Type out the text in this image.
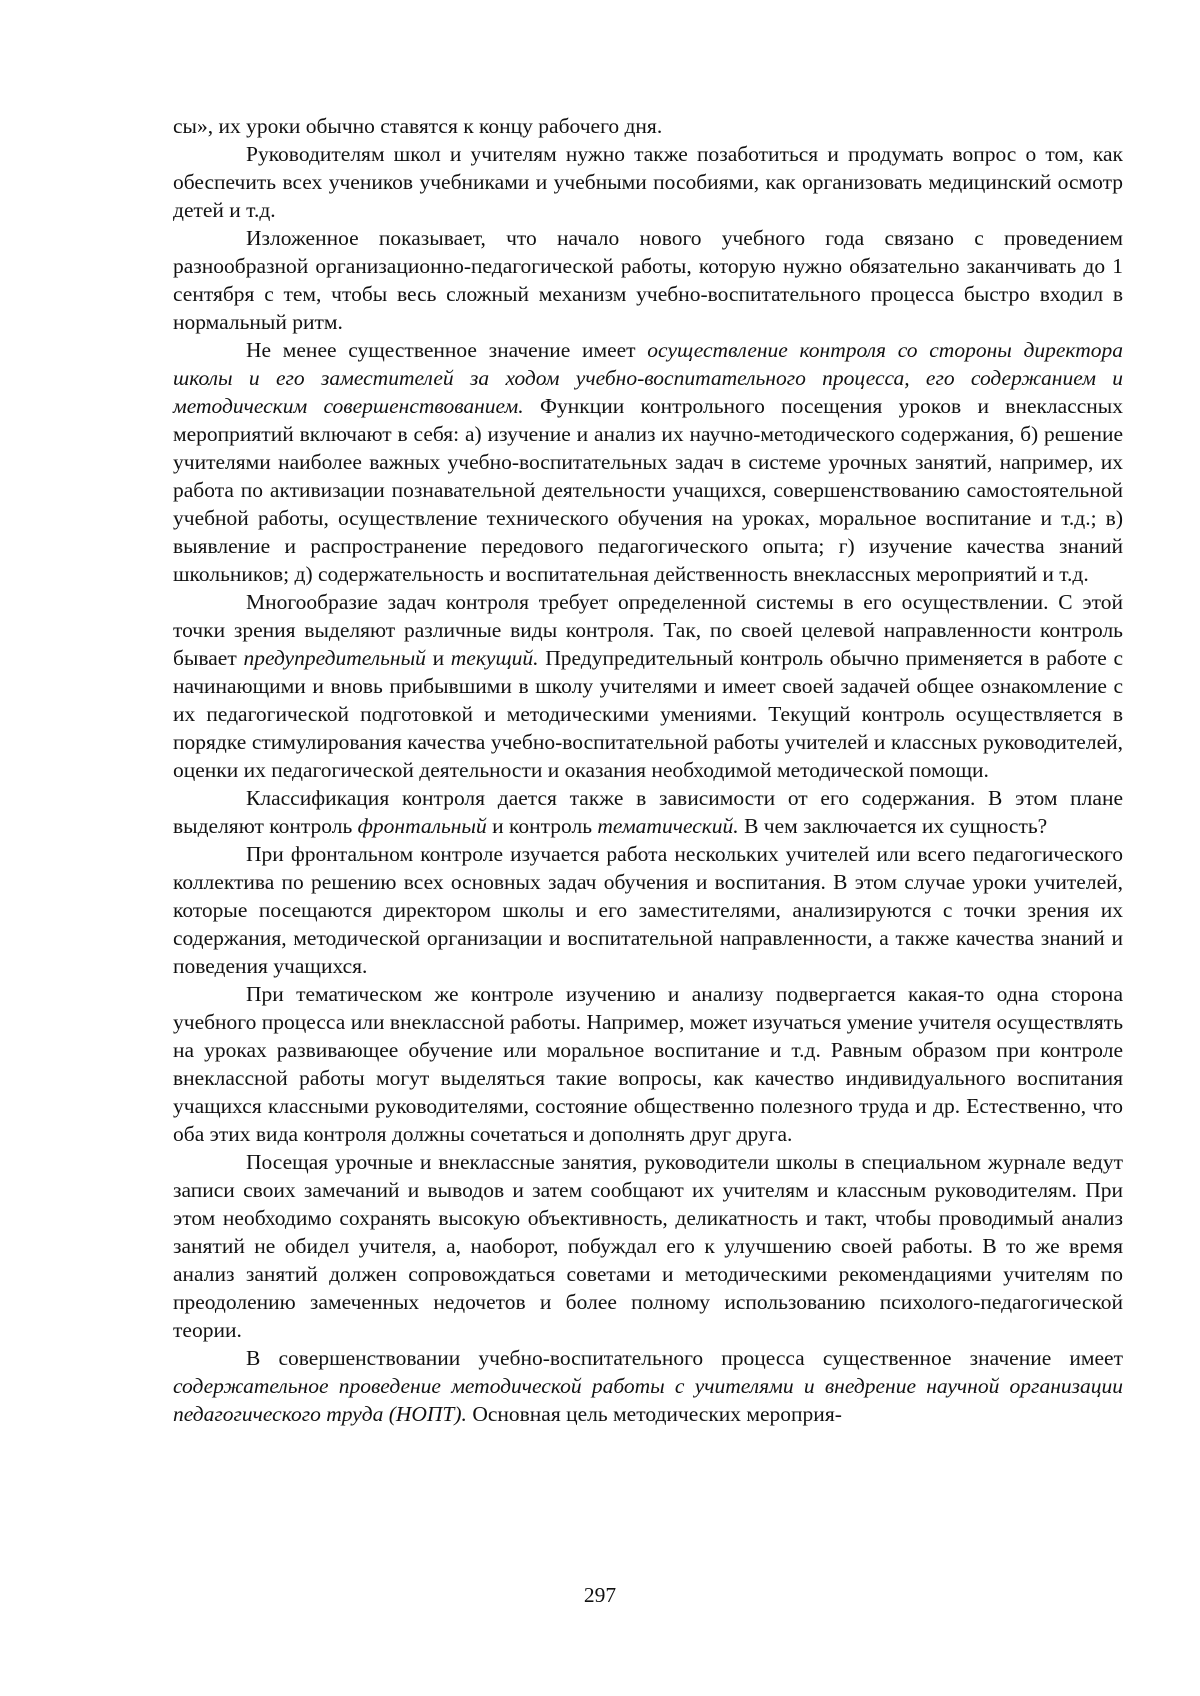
сы», их уроки обычно ставятся к концу рабочего дня.

Руководителям школ и учителям нужно также позаботиться и продумать вопрос о том, как обеспечить всех учеников учебниками и учебными пособиями, как организовать медицинский осмотр детей и т.д.

Изложенное показывает, что начало нового учебного года связано с проведением разнообразной организационно-педагогической работы, которую нужно обязательно заканчивать до 1 сентября с тем, чтобы весь сложный механизм учебно-воспитательного процесса быстро входил в нормальный ритм.

Не менее существенное значение имеет осуществление контроля со стороны директора школы и его заместителей за ходом учебно-воспитательного процесса, его содержанием и методическим совершенствованием. Функции контрольного посещения уроков и внеклассных мероприятий включают в себя: а) изучение и анализ их научно-методического содержания, б) решение учителями наиболее важных учебно-воспитательных задач в системе урочных занятий, например, их работа по активизации познавательной деятельности учащихся, совершенствованию самостоятельной учебной работы, осуществление технического обучения на уроках, моральное воспитание и т.д.; в) выявление и распространение передового педагогического опыта; г) изучение качества знаний школьников; д) содержательность и воспитательная действенность внеклассных мероприятий и т.д.

Многообразие задач контроля требует определенной системы в его осуществлении. С этой точки зрения выделяют различные виды контроля. Так, по своей целевой направленности контроль бывает предупредительный и текущий. Предупредительный контроль обычно применяется в работе с начинающими и вновь прибывшими в школу учителями и имеет своей задачей общее ознакомление с их педагогической подготовкой и методическими умениями. Текущий контроль осуществляется в порядке стимулирования качества учебно-воспитательной работы учителей и классных руководителей, оценки их педагогической деятельности и оказания необходимой методической помощи.

Классификация контроля дается также в зависимости от его содержания. В этом плане выделяют контроль фронтальный и контроль тематический. В чем заключается их сущность?

При фронтальном контроле изучается работа нескольких учителей или всего педагогического коллектива по решению всех основных задач обучения и воспитания. В этом случае уроки учителей, которые посещаются директором школы и его заместителями, анализируются с точки зрения их содержания, методической организации и воспитательной направленности, а также качества знаний и поведения учащихся.

При тематическом же контроле изучению и анализу подвергается какая-то одна сторона учебного процесса или внеклассной работы. Например, может изучаться умение учителя осуществлять на уроках развивающее обучение или моральное воспитание и т.д. Равным образом при контроле внеклассной работы могут выделяться такие вопросы, как качество индивидуального воспитания учащихся классными руководителями, состояние общественно полезного труда и др. Естественно, что оба этих вида контроля должны сочетаться и дополнять друг друга.

Посещая урочные и внеклассные занятия, руководители школы в специальном журнале ведут записи своих замечаний и выводов и затем сообщают их учителям и классным руководителям. При этом необходимо сохранять высокую объективность, деликатность и такт, чтобы проводимый анализ занятий не обидел учителя, а, наоборот, побуждал его к улучшению своей работы. В то же время анализ занятий должен сопровождаться советами и методическими рекомендациями учителям по преодолению замеченных недочетов и более полному использованию психолого-педагогической теории.

В совершенствовании учебно-воспитательного процесса существенное значение имеет содержательное проведение методической работы с учителями и внедрение научной организации педагогического труда (НОПТ). Основная цель методических мероприя-

297
